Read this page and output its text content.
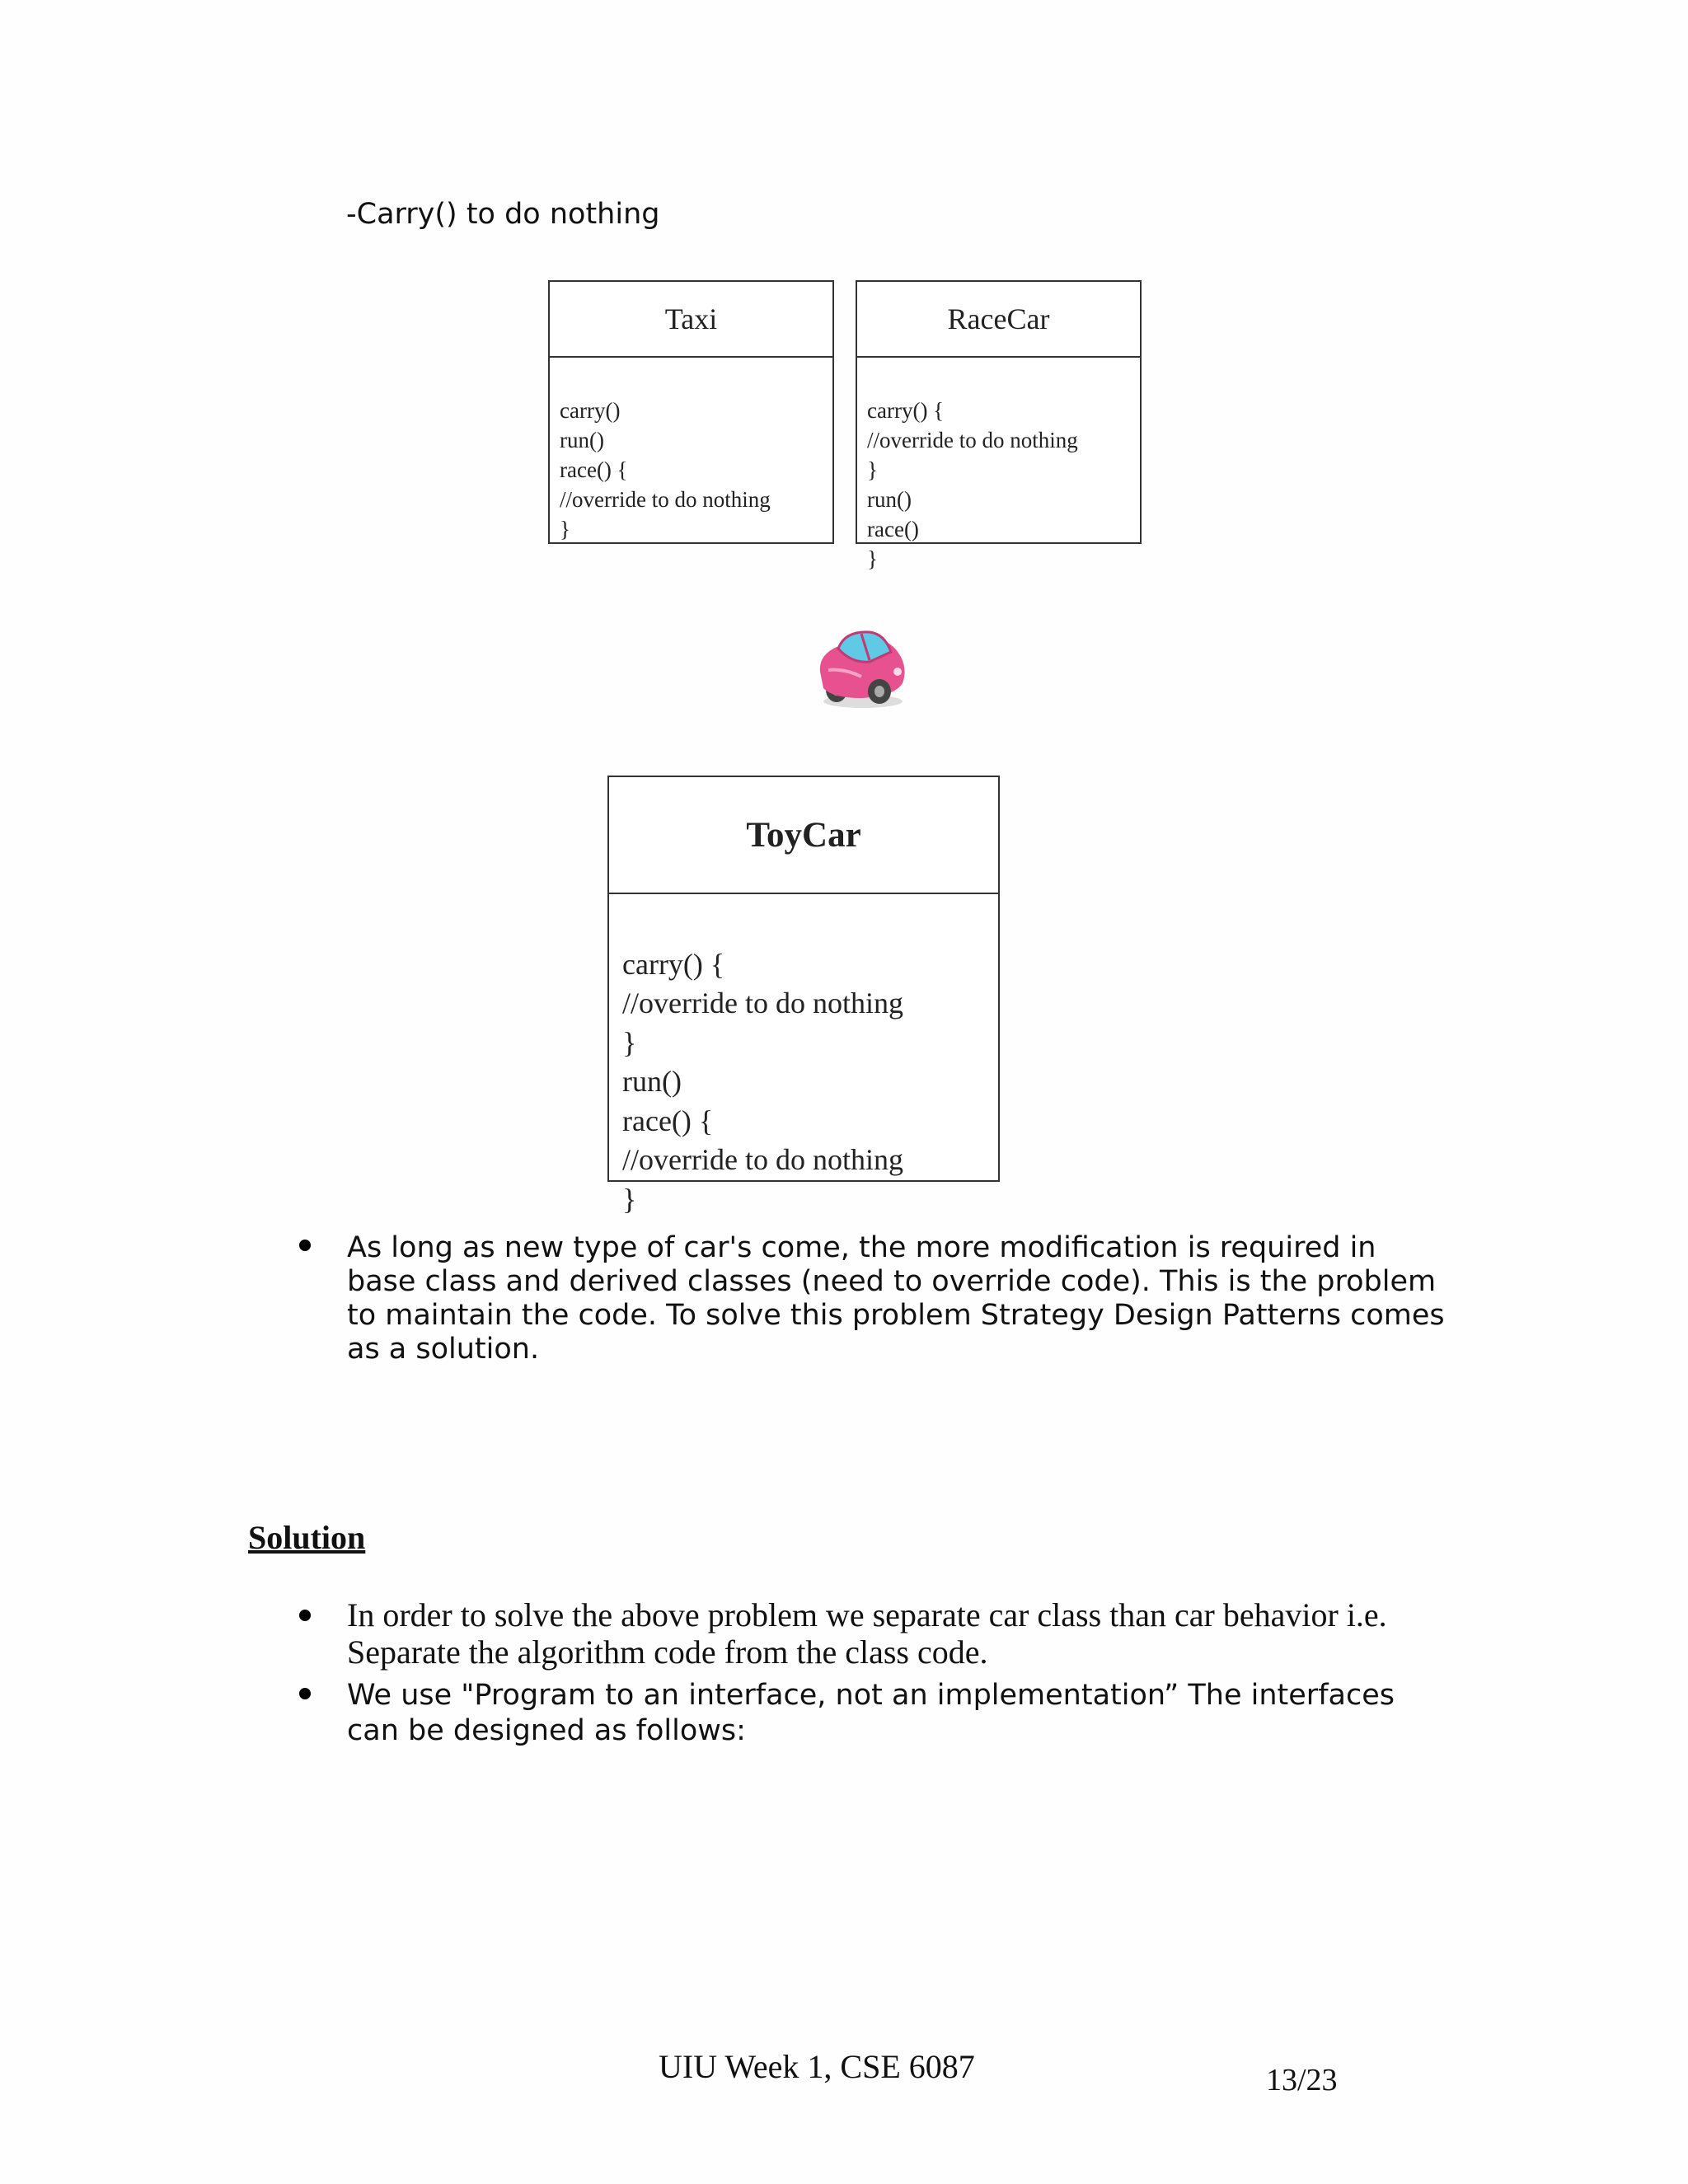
-Carry() to do nothing
Taxi

carry()
run()
race() {
//override to do nothing
}

RaceCar

carry() {
//override to do nothing
}
run()
race()
}

ToyCar

carry() {
//override to do nothing
}
run()
race() {
//override to do nothing
}

As long as new type of car's come, the more modification is required in base class and derived classes (need to override code). This is the problem to maintain the code. To solve this problem Strategy Design Patterns comes as a solution.
Solution
In order to solve the above problem we separate car class than car behavior i.e. Separate the algorithm code from the class code.
We use "Program to an interface, not an implementation” The interfaces can be designed as follows:
UIU Week 1, CSE 6087	13/23
